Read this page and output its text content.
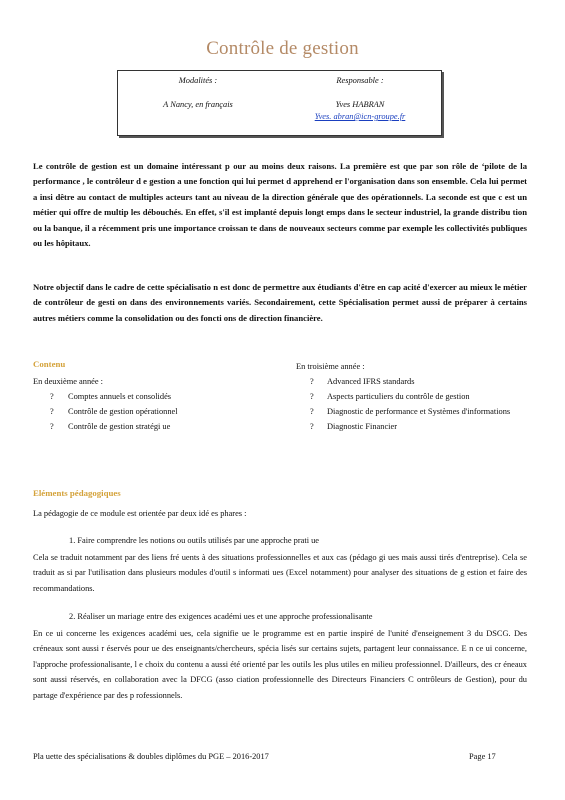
Contrôle de gestion
Modalités :
A Nancy, en français
Responsable :
Yves HABRAN
Yves. abran@icn-groupe.fr
Le contrôle de gestion est un domaine intéressant p our au moins deux raisons. La première est que par son rôle de ‘pilote de la performance , le contrôleur d e gestion a une fonction qui lui permet d apprehend er l'organisation dans son ensemble. Cela lui permet a insi dêtre au contact de multiples acteurs tant au niveau de la direction générale que des opérationnels. La seconde est que c est un métier qui offre de multip les débouchés. En effet, s'il est implanté depuis longt emps dans le secteur industriel, la grande distribu tion ou la banque, il a récemment pris une importance croissan te dans de nouveaux secteurs comme par exemple les collectivités publiques ou les hôpitaux.
Notre objectif dans le cadre de cette spécialisatio n est donc de permettre aux étudiants d'être en cap acité d'exercer au mieux le métier de contrôleur de gesti on dans des environnements variés. Secondairement, cette Spécialisation permet aussi de préparer à certains autres métiers comme la consolidation ou des foncti ons de direction financière.
Contenu
En deuxième année :
? Comptes annuels et consolidés
? Contrôle de gestion opérationnel
? Contrôle de gestion stratégi ue
En troisième année :
? Advanced IFRS standards
? Aspects particuliers du contrôle de gestion
? Diagnostic de performance et Systèmes d'informations
? Diagnostic Financier
Eléments pédagogiques
La pédagogie de ce module est orientée par deux idé es phares :
1. Faire comprendre les notions ou outils utilisés par une approche prati ue
Cela se traduit notamment par des liens fré uents à des situations professionnelles et aux cas (pédago gi ues mais aussi tirés d'entreprise). Cela se traduit as si par l'utilisation dans plusieurs modules d'outil s informati ues (Excel notamment) pour analyser des situations de g estion et faire des recommandations.
2. Réaliser un mariage entre des exigences académi ues et une approche professionalisante
En ce ui concerne les exigences académi ues, cela signifie ue le programme est en partie inspiré de l'unité d'enseignement 3 du DSCG. Des créneaux sont aussi r éservés pour ue des enseignants/chercheurs, spécia lisés sur certains sujets, partagent leur connaissance. E n ce ui concerne, l'approche professionalisante, l e choix du contenu a aussi été orienté par les outils les plus utiles en milieu professionnel. D'ailleurs, des cr éneaux sont aussi réservés, en collaboration avec la DFCG (asso ciation professionnelle des Directeurs Financiers C ontrôleurs de Gestion), pour du partage d'expérience par des p rofessionnels.
Pla uette des spécialisations & doubles diplômes du PGE – 2016-2017	Page 17
